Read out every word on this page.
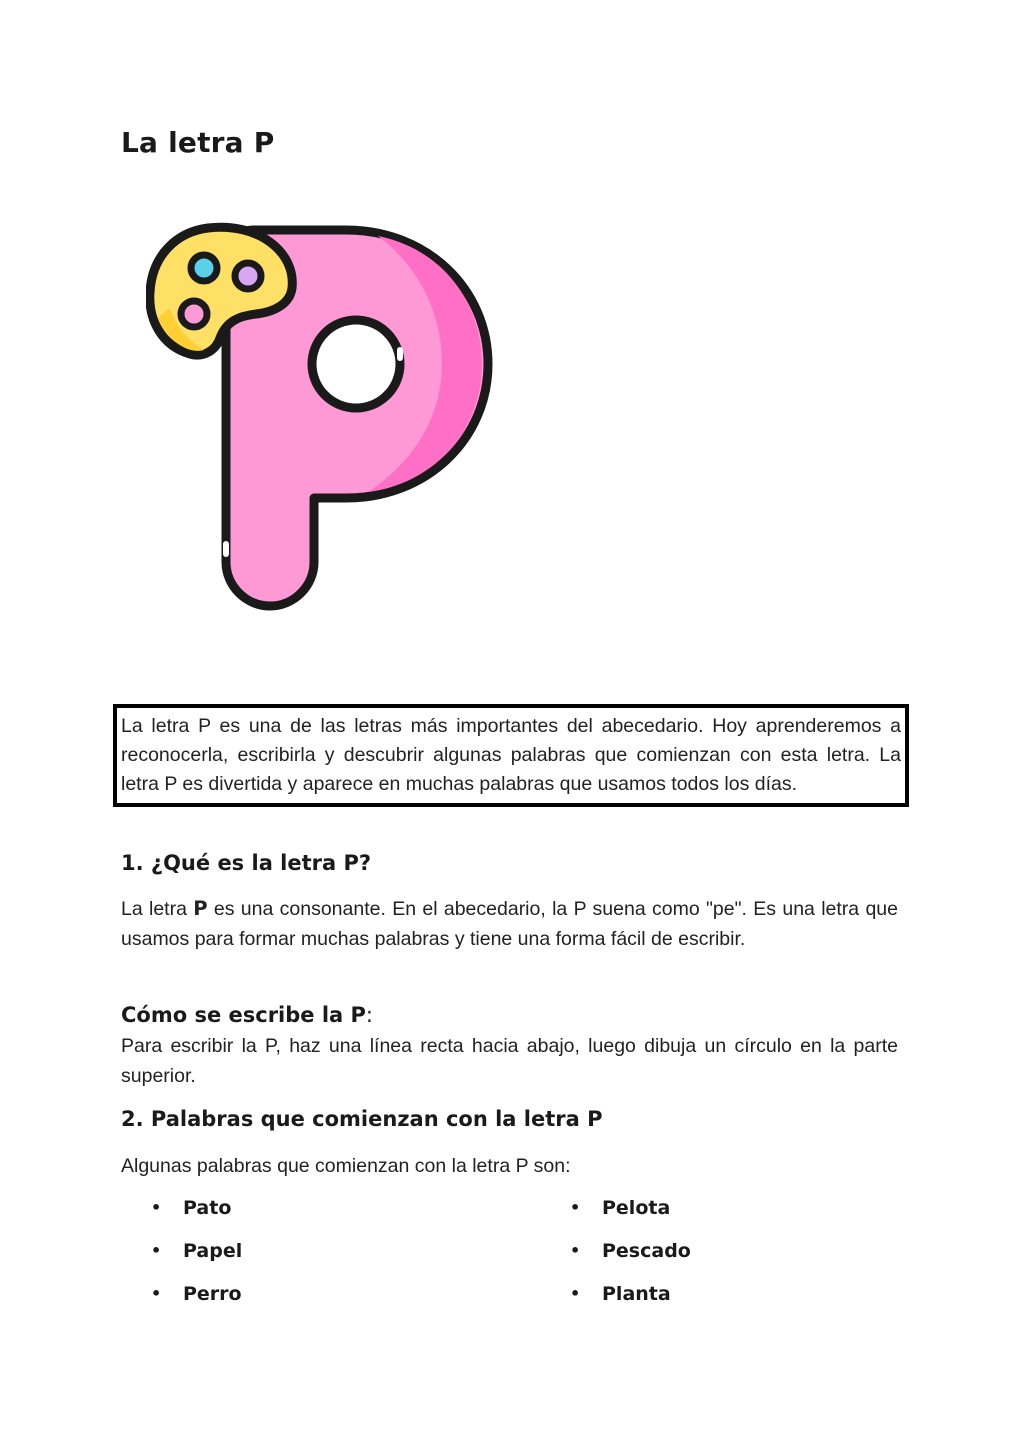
La letra P
La letra P es una de las letras más importantes del abecedario. Hoy aprenderemos a reconocerla, escribirla y descubrir algunas palabras que comienzan con esta letra. La letra P es divertida y aparece en muchas palabras que usamos todos los días.
1. ¿Qué es la letra P?
La letra P es una consonante. En el abecedario, la P suena como "pe". Es una letra que usamos para formar muchas palabras y tiene una forma fácil de escribir.
Cómo se escribe la P:
Para escribir la P, haz una línea recta hacia abajo, luego dibuja un círculo en la parte superior.
2. Palabras que comienzan con la letra P
Algunas palabras que comienzan con la letra P son:
• Pato
• Papel
• Perro
• Pelota
• Pescado
• Planta
